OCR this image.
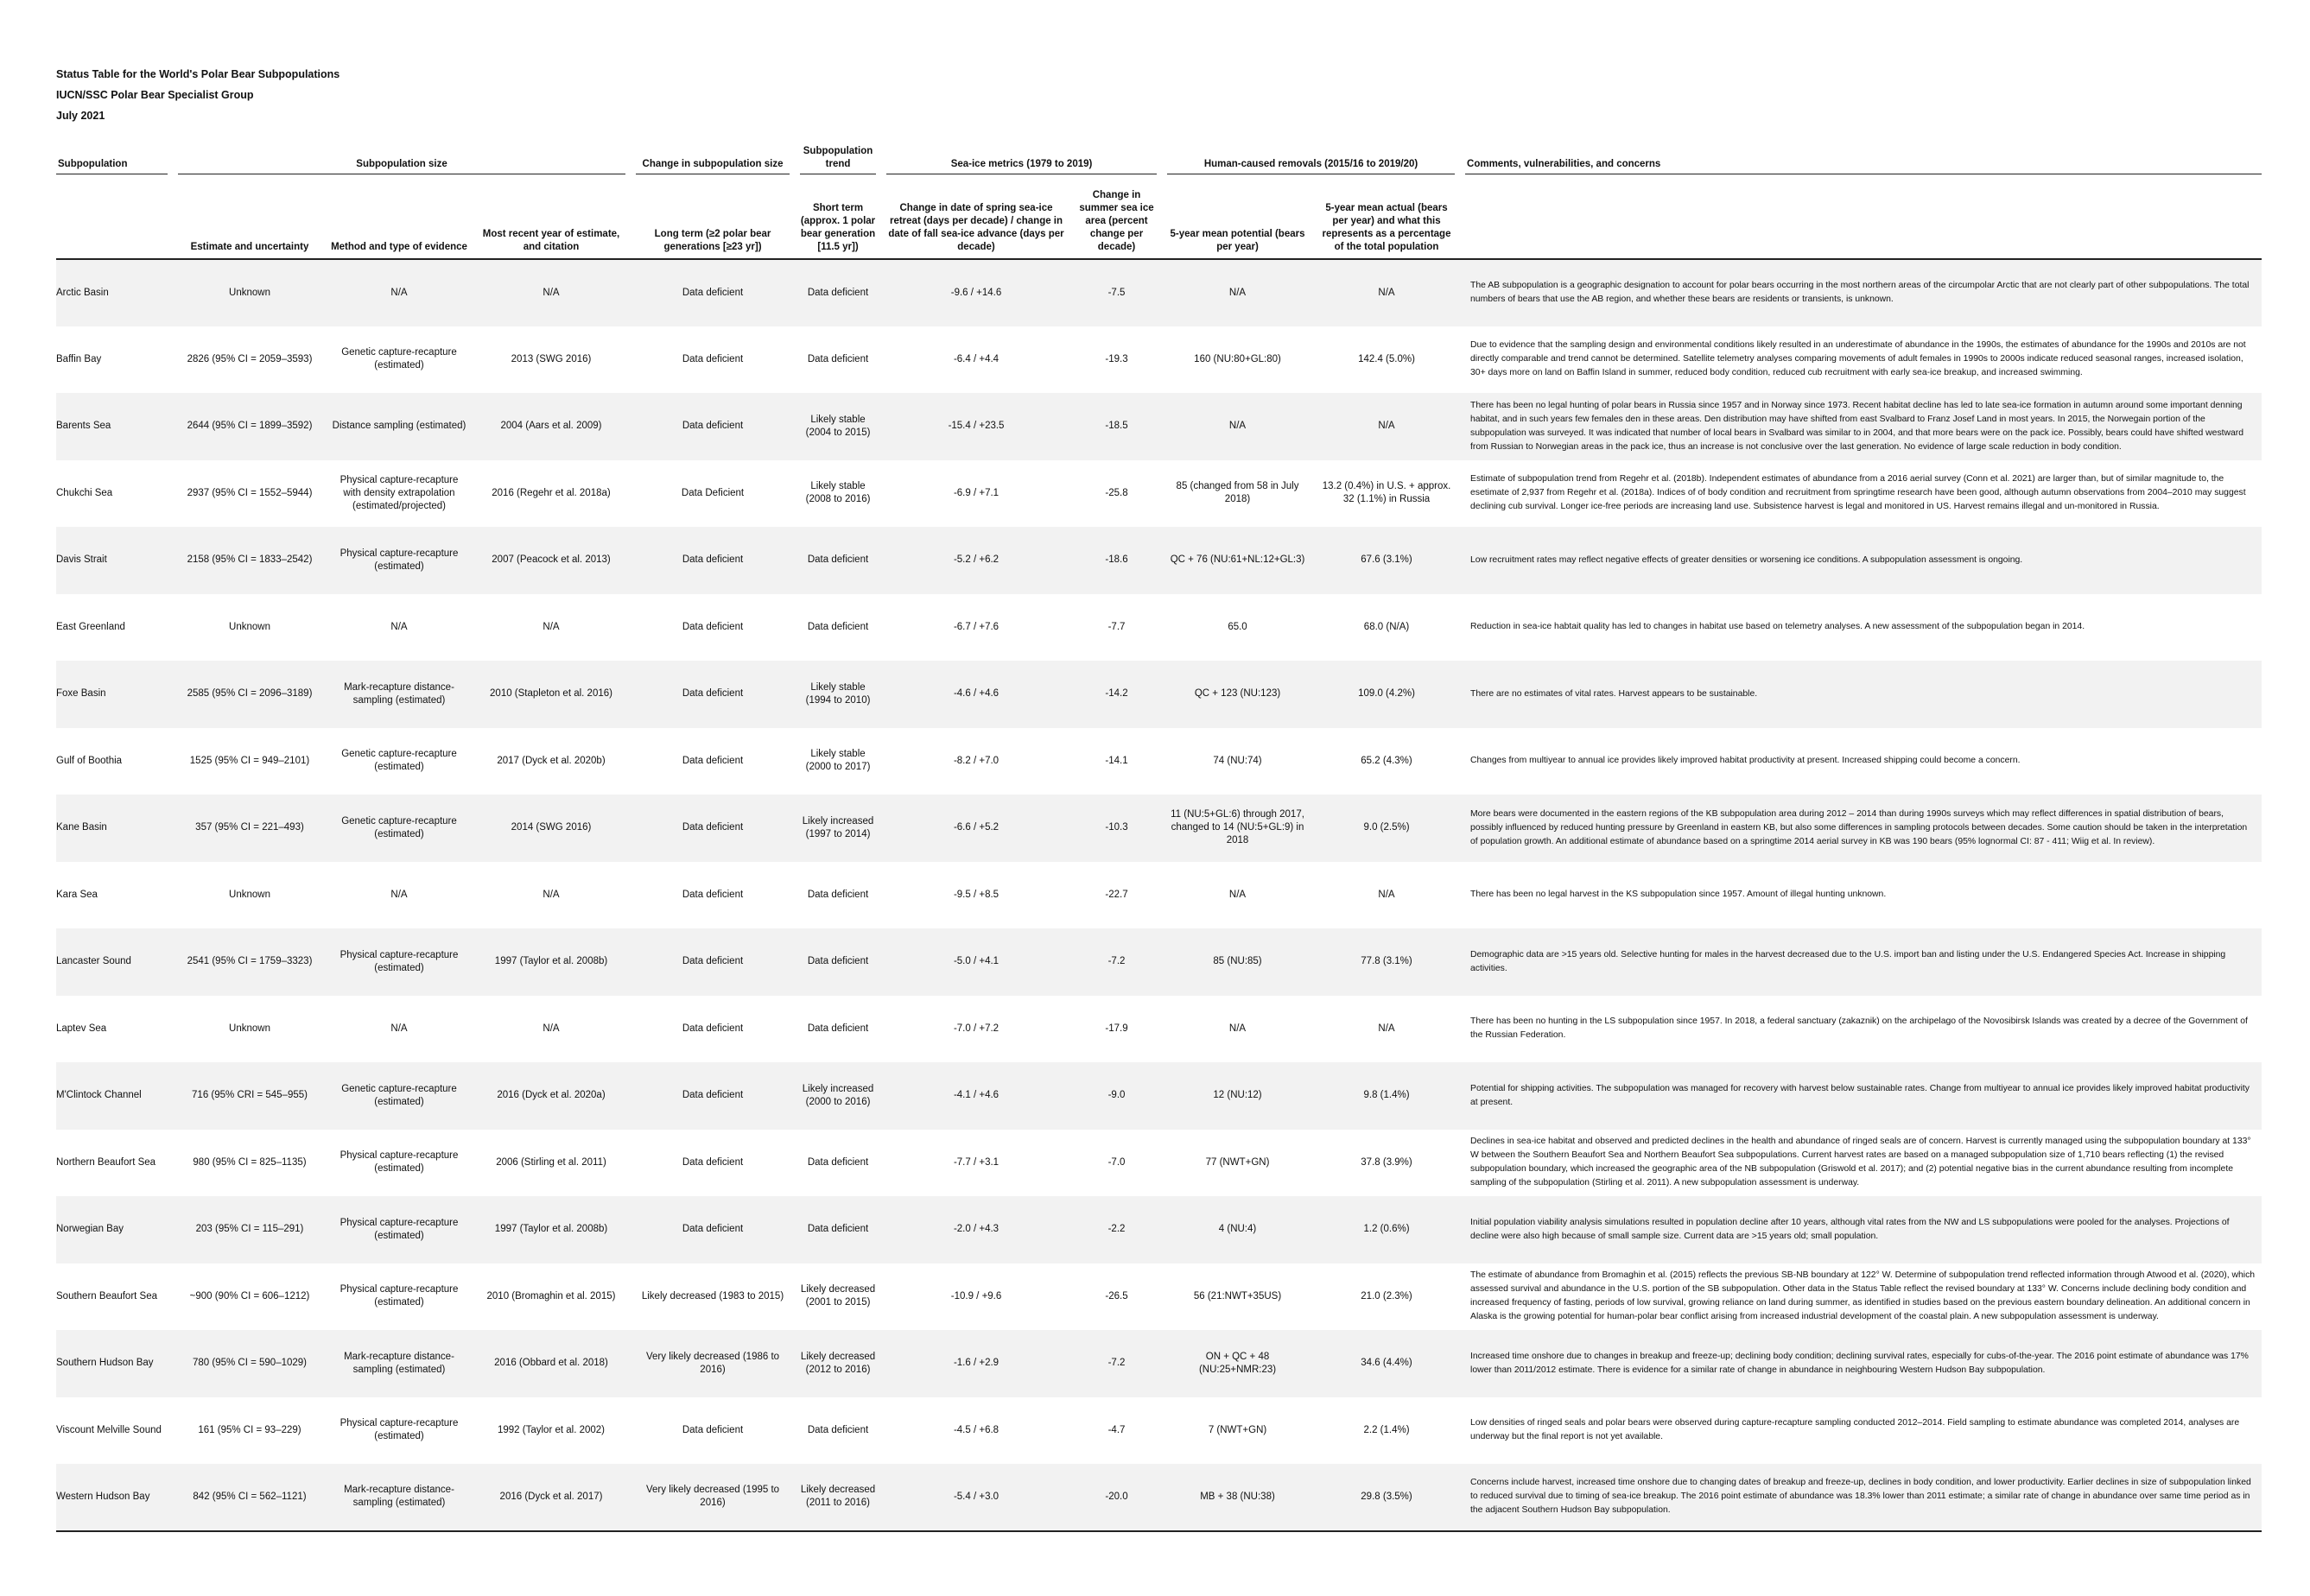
Status Table for the World's Polar Bear Subpopulations
IUCN/SSC Polar Bear Specialist Group
July 2021
Subpopulation	Subpopulation size			Change in subpopulation size	Subpopulation trend	Sea-ice metrics (1979 to 2019)		Human-caused removals (2015/16 to 2019/20)		Comments, vulnerabilities, and concerns

	Estimate and uncertainty	Method and type of evidence	Most recent year of estimate, and citation	Long term (≥2 polar bear generations [≥23 yr])	Short term (approx. 1 polar bear generation [11.5 yr])	Change in date of spring sea-ice retreat (days per decade) / change in date of fall sea-ice advance (days per decade)	Change in summer sea ice area (percent change per decade)	5-year mean potential (bears per year)	5-year mean actual (bears per year) and what this represents as a percentage of the total population	
Arctic Basin	Unknown	N/A	N/A	Data deficient	Data deficient	-9.6 / +14.6	-7.5	N/A	N/A	The AB subpopulation is a geographic designation to account for polar bears occurring in the most northern areas of the circumpolar Arctic that are not clearly part of other subpopulations. The total numbers of bears that use the AB region, and whether these bears are residents or transients, is unknown.
Baffin Bay	2826 (95% CI = 2059–3593)	Genetic capture-recapture (estimated)	2013 (SWG 2016)	Data deficient	Data deficient	-6.4 / +4.4	-19.3	160 (NU:80+GL:80)	142.4 (5.0%)	Due to evidence that the sampling design and environmental conditions likely resulted in an underestimate of abundance in the 1990s, the estimates of abundance for the 1990s and 2010s are not directly comparable and trend cannot be determined. Satellite telemetry analyses comparing movements of adult females in 1990s to 2000s indicate reduced seasonal ranges, increased isolation, 30+ days more on land on Baffin Island in summer, reduced body condition, reduced cub recruitment with early sea-ice breakup, and increased swimming.
Barents Sea	2644 (95% CI = 1899–3592)	Distance sampling (estimated)	2004 (Aars et al. 2009)	Data deficient	Likely stable (2004 to 2015)	-15.4 / +23.5	-18.5	N/A	N/A	There has been no legal hunting of polar bears in Russia since 1957 and in Norway since 1973. Recent habitat decline has led to late sea-ice formation in autumn around some important denning habitat, and in such years few females den in these areas. Den distribution may have shifted from east Svalbard to Franz Josef Land in most years. In 2015, the Norwegain portion of the subpopulation was surveyed. It was indicated that number of local bears in Svalbard was similar to in 2004, and that more bears were on the pack ice. Possibly, bears could have shifted westward from Russian to Norwegian areas in the pack ice, thus an increase is not conclusive over the last generation. No evidence of large scale reduction in body condition.
Chukchi Sea	2937 (95% CI = 1552–5944)	Physical capture-recapture with density extrapolation (estimated/projected)	2016 (Regehr et al. 2018a)	Data Deficient	Likely stable (2008 to 2016)	-6.9 / +7.1	-25.8	85 (changed from 58 in July 2018)	13.2 (0.4%) in U.S. + approx. 32 (1.1%) in Russia	Estimate of subpopulation trend from Regehr et al. (2018b). Independent estimates of abundance from a 2016 aerial survey (Conn et al. 2021) are larger than, but of similar magnitude to, the esetimate of 2,937 from Regehr et al. (2018a). Indices of of body condition and recruitment from springtime research have been good, although autumn observations from 2004–2010 may suggest declining cub survival. Longer ice-free periods are increasing land use. Subsistence harvest is legal and monitored in US. Harvest remains illegal and un-monitored in Russia.
Davis Strait	2158 (95% CI = 1833–2542)	Physical capture-recapture (estimated)	2007 (Peacock et al. 2013)	Data deficient	Data deficient	-5.2 / +6.2	-18.6	QC + 76 (NU:61+NL:12+GL:3)	67.6 (3.1%)	Low recruitment rates may reflect negative effects of greater densities or worsening ice conditions. A subpopulation assessment is ongoing.
East Greenland	Unknown	N/A	N/A	Data deficient	Data deficient	-6.7 / +7.6	-7.7	65.0	68.0 (N/A)	Reduction in sea-ice habtait quality has led to changes in habitat use based on telemetry analyses. A new assessment of the subpopulation began in 2014.
Foxe Basin	2585 (95% CI = 2096–3189)	Mark-recapture distance-sampling (estimated)	2010 (Stapleton et al. 2016)	Data deficient	Likely stable (1994 to 2010)	-4.6 / +4.6	-14.2	QC + 123 (NU:123)	109.0 (4.2%)	There are no estimates of vital rates. Harvest appears to be sustainable.
Gulf of Boothia	1525 (95% CI = 949–2101)	Genetic capture-recapture (estimated)	2017 (Dyck et al. 2020b)	Data deficient	Likely stable (2000 to 2017)	-8.2 / +7.0	-14.1	74 (NU:74)	65.2 (4.3%)	Changes from multiyear to annual ice provides likely improved habitat productivity at present. Increased shipping could become a concern.
Kane Basin	357 (95% CI = 221–493)	Genetic capture-recapture (estimated)	2014 (SWG 2016)	Data deficient	Likely increased (1997 to 2014)	-6.6 / +5.2	-10.3	11 (NU:5+GL:6) through 2017, changed to 14 (NU:5+GL:9) in 2018	9.0 (2.5%)	More bears were documented in the eastern regions of the KB subpopulation area during 2012 – 2014 than during 1990s surveys which may reflect differences in spatial distribution of bears, possibly influenced by reduced hunting pressure by Greenland in eastern KB, but also some differences in sampling protocols between decades. Some caution should be taken in the interpretation of population growth. An additional estimate of abundance based on a springtime 2014 aerial survey in KB was 190 bears (95% lognormal CI: 87 - 411; Wiig et al. In review).
Kara Sea	Unknown	N/A	N/A	Data deficient	Data deficient	-9.5 / +8.5	-22.7	N/A	N/A	There has been no legal harvest in the KS subpopulation since 1957. Amount of illegal hunting unknown.
Lancaster Sound	2541 (95% CI = 1759–3323)	Physical capture-recapture (estimated)	1997 (Taylor et al. 2008b)	Data deficient	Data deficient	-5.0 / +4.1	-7.2	85 (NU:85)	77.8 (3.1%)	Demographic data are >15 years old. Selective hunting for males in the harvest decreased due to the U.S. import ban and listing under the U.S. Endangered Species Act. Increase in shipping activities.
Laptev Sea	Unknown	N/A	N/A	Data deficient	Data deficient	-7.0 / +7.2	-17.9	N/A	N/A	There has been no hunting in the LS subpopulation since 1957. In 2018, a federal sanctuary (zakaznik) on the archipelago of the Novosibirsk Islands was created by a decree of the Government of the Russian Federation.
M'Clintock Channel	716 (95% CRI = 545–955)	Genetic capture-recapture (estimated)	2016 (Dyck et al. 2020a)	Data deficient	Likely increased (2000 to 2016)	-4.1 / +4.6	-9.0	12 (NU:12)	9.8 (1.4%)	Potential for shipping activities. The subpopulation was managed for recovery with harvest below sustainable rates. Change from multiyear to annual ice provides likely improved habitat productivity at present.
Northern Beaufort Sea	980 (95% CI = 825–1135)	Physical capture-recapture (estimated)	2006 (Stirling et al. 2011)	Data deficient	Data deficient	-7.7 / +3.1	-7.0	77 (NWT+GN)	37.8 (3.9%)	Declines in sea-ice habitat and observed and predicted declines in the health and abundance of ringed seals are of concern. Harvest is currently managed using the subpopulation boundary at 133° W between the Southern Beaufort Sea and Northern Beaufort Sea subpopulations. Current harvest rates are based on a managed subpopulation size of 1,710 bears reflecting (1) the revised subpopulation boundary, which increased the geographic area of the NB subpopulation (Griswold et al. 2017); and (2) potential negative bias in the current abundance resulting from incomplete sampling of the subpopulation (Stirling et al. 2011). A new subpopulation assessment is underway.
Norwegian Bay	203 (95% CI = 115–291)	Physical capture-recapture (estimated)	1997 (Taylor et al. 2008b)	Data deficient	Data deficient	-2.0 / +4.3	-2.2	4 (NU:4)	1.2 (0.6%)	Initial population viability analysis simulations resulted in population decline after 10 years, although vital rates from the NW and LS subpopulations were pooled for the analyses. Projections of decline were also high because of small sample size. Current data are >15 years old; small population.
Southern Beaufort Sea	~900 (90% CI = 606–1212)	Physical capture-recapture (estimated)	2010 (Bromaghin et al. 2015)	Likely decreased (1983 to 2015)	Likely decreased (2001 to 2015)	-10.9 / +9.6	-26.5	56 (21:NWT+35US)	21.0 (2.3%)	The estimate of abundance from Bromaghin et al. (2015) reflects the previous SB-NB boundary at 122° W. Determine of subpopulation trend reflected information through Atwood et al. (2020), which assessed survival and abundance in the U.S. portion of the SB subpopulation. Other data in the Status Table reflect the revised boundary at 133° W. Concerns include declining body condition and increased frequency of fasting, periods of low survival, growing reliance on land during summer, as identified in studies based on the previous eastern boundary delineation. An additional concern in Alaska is the growing potential for human-polar bear conflict arising from increased industrial development of the coastal plain. A new subpopulation assessment is underway.
Southern Hudson Bay	780 (95% CI = 590–1029)	Mark-recapture distance-sampling (estimated)	2016 (Obbard et al. 2018)	Very likely decreased (1986 to 2016)	Likely decreased (2012 to 2016)	-1.6 / +2.9	-7.2	ON + QC + 48 (NU:25+NMR:23)	34.6 (4.4%)	Increased time onshore due to changes in breakup and freeze-up; declining body condition; declining survival rates, especially for cubs-of-the-year. The 2016 point estimate of abundance was 17% lower than 2011/2012 estimate. There is evidence for a similar rate of change in abundance in neighbouring Western Hudson Bay subpopulation.
Viscount Melville Sound	161 (95% CI = 93–229)	Physical capture-recapture (estimated)	1992 (Taylor et al. 2002)	Data deficient	Data deficient	-4.5 / +6.8	-4.7	7 (NWT+GN)	2.2 (1.4%)	Low densities of ringed seals and polar bears were observed during capture-recapture sampling conducted 2012–2014. Field sampling to estimate abundance was completed 2014, analyses are underway but the final report is not yet available.
Western Hudson Bay	842 (95% CI = 562–1121)	Mark-recapture distance-sampling (estimated)	2016 (Dyck et al. 2017)	Very likely decreased (1995 to 2016)	Likely decreased (2011 to 2016)	-5.4 / +3.0	-20.0	MB + 38 (NU:38)	29.8 (3.5%)	Concerns include harvest, increased time onshore due to changing dates of breakup and freeze-up, declines in body condition, and lower productivity. Earlier declines in size of subpopulation linked to reduced survival due to timing of sea-ice breakup. The 2016 point estimate of abundance was 18.3% lower than 2011 estimate; a similar rate of change in abundance over same time period as in the adjacent Southern Hudson Bay subpopulation.
